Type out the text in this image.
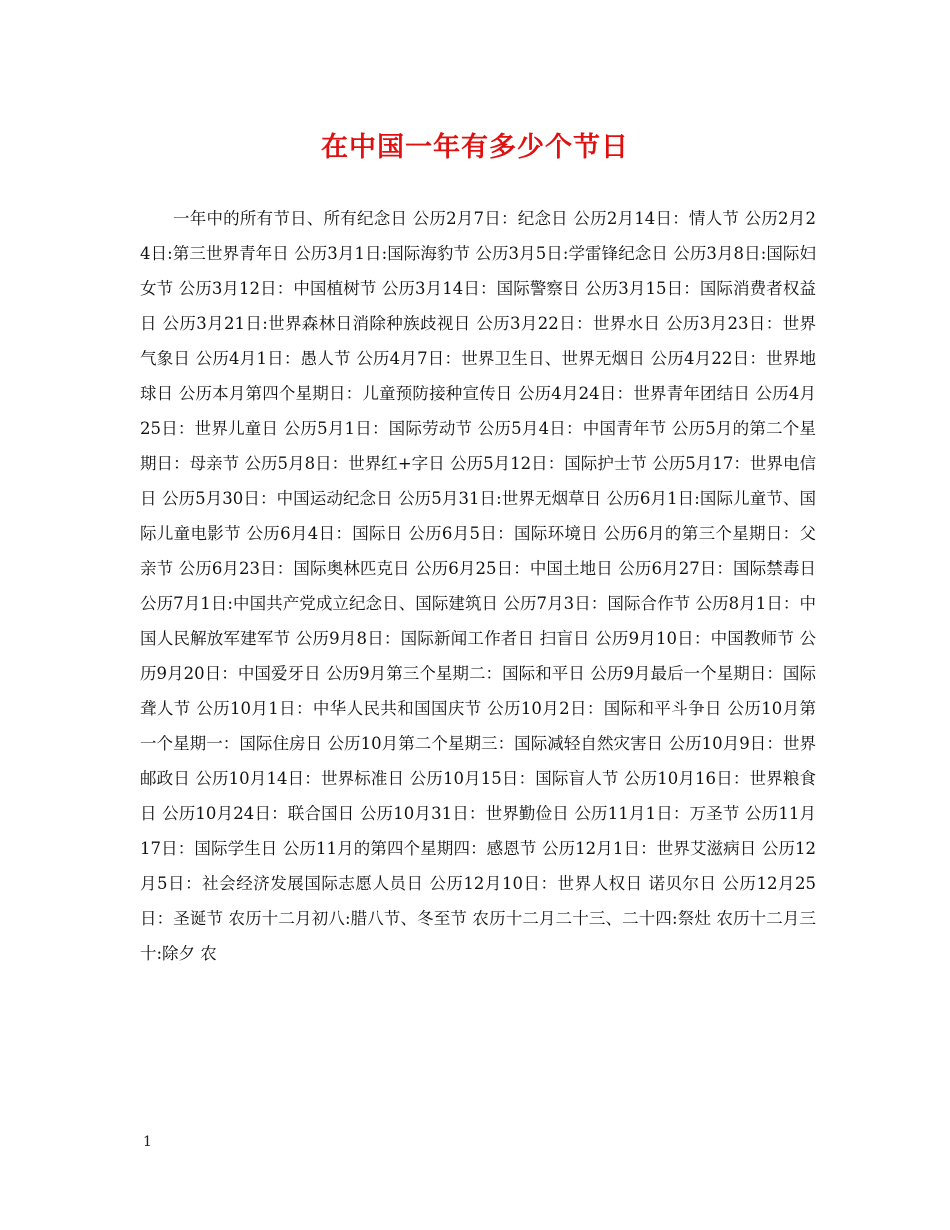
在中国一年有多少个节日

一年中的所有节日、所有纪念日 公历2月7日：纪念日 公历2月14日：情人节 公历2月24日:第三世界青年日 公历3月1日:国际海豹节 公历3月5日:学雷锋纪念日 公历3月8日:国际妇女节 公历3月12日：中国植树节 公历3月14日：国际警察日 公历3月15日：国际消费者权益日 公历3月21日:世界森林日消除种族歧视日 公历3月22日：世界水日 公历3月23日：世界气象日 公历4月1日：愚人节 公历4月7日：世界卫生日、世界无烟日 公历4月22日：世界地球日 公历本月第四个星期日：儿童预防接种宣传日 公历4月24日：世界青年团结日 公历4月25日：世界儿童日 公历5月1日：国际劳动节 公历5月4日：中国青年节 公历5月的第二个星期日：母亲节 公历5月8日：世界红+字日 公历5月12日：国际护士节 公历5月17：世界电信日 公历5月30日：中国运动纪念日 公历5月31日:世界无烟草日 公历6月1日:国际儿童节、国际儿童电影节 公历6月4日：国际日 公历6月5日：国际环境日 公历6月的第三个星期日：父亲节 公历6月23日：国际奥林匹克日 公历6月25日：中国土地日 公历6月27日：国际禁毒日 公历7月1日:中国共产党成立纪念日、国际建筑日 公历7月3日：国际合作节 公历8月1日：中国人民解放军建军节 公历9月8日：国际新闻工作者日 扫盲日 公历9月10日：中国教师节 公历9月20日：中国爱牙日 公历9月第三个星期二：国际和平日 公历9月最后一个星期日：国际聋人节 公历10月1日：中华人民共和国国庆节 公历10月2日：国际和平斗争日 公历10月第一个星期一：国际住房日 公历10月第二个星期三：国际减轻自然灾害日 公历10月9日：世界邮政日 公历10月14日：世界标准日 公历10月15日：国际盲人节 公历10月16日：世界粮食日 公历10月24日：联合国日 公历10月31日：世界勤俭日 公历11月1日：万圣节 公历11月17日：国际学生日 公历11月的第四个星期四：感恩节 公历12月1日：世界艾滋病日 公历12月5日：社会经济发展国际志愿人员日 公历12月10日：世界人权日 诺贝尔日 公历12月25日：圣诞节 农历十二月初八:腊八节、冬至节 农历十二月二十三、二十四:祭灶 农历十二月三十:除夕 农

1
